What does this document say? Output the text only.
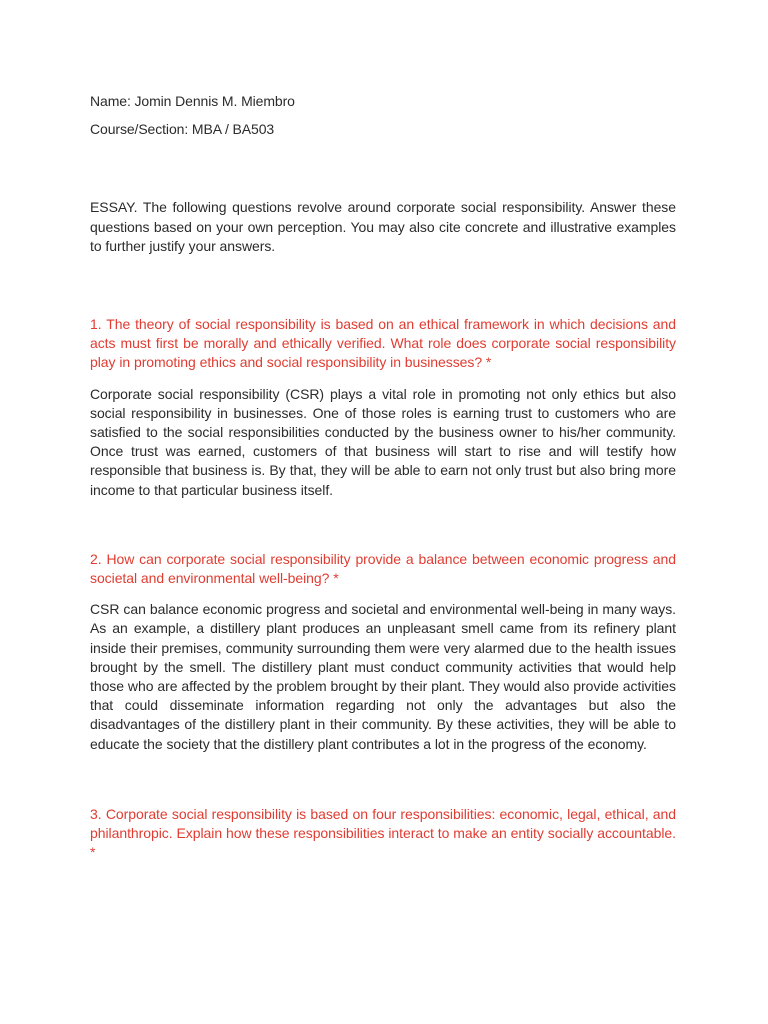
Name: Jomin Dennis M. Miembro

Course/Section: MBA / BA503

ESSAY. The following questions revolve around corporate social responsibility. Answer these questions based on your own perception. You may also cite concrete and illustrative examples to further justify your answers.

1. The theory of social responsibility is based on an ethical framework in which decisions and acts must first be morally and ethically verified. What role does corporate social responsibility play in promoting ethics and social responsibility in businesses? *

Corporate social responsibility (CSR) plays a vital role in promoting not only ethics but also social responsibility in businesses. One of those roles is earning trust to customers who are satisfied to the social responsibilities conducted by the business owner to his/her community. Once trust was earned, customers of that business will start to rise and will testify how responsible that business is. By that, they will be able to earn not only trust but also bring more income to that particular business itself.

2. How can corporate social responsibility provide a balance between economic progress and societal and environmental well-being? *

CSR can balance economic progress and societal and environmental well-being in many ways. As an example, a distillery plant produces an unpleasant smell came from its refinery plant inside their premises, community surrounding them were very alarmed due to the health issues brought by the smell. The distillery plant must conduct community activities that would help those who are affected by the problem brought by their plant. They would also provide activities that could disseminate information regarding not only the advantages but also the disadvantages of the distillery plant in their community. By these activities, they will be able to educate the society that the distillery plant contributes a lot in the progress of the economy.

3. Corporate social responsibility is based on four responsibilities: economic, legal, ethical, and philanthropic. Explain how these responsibilities interact to make an entity socially accountable. *
